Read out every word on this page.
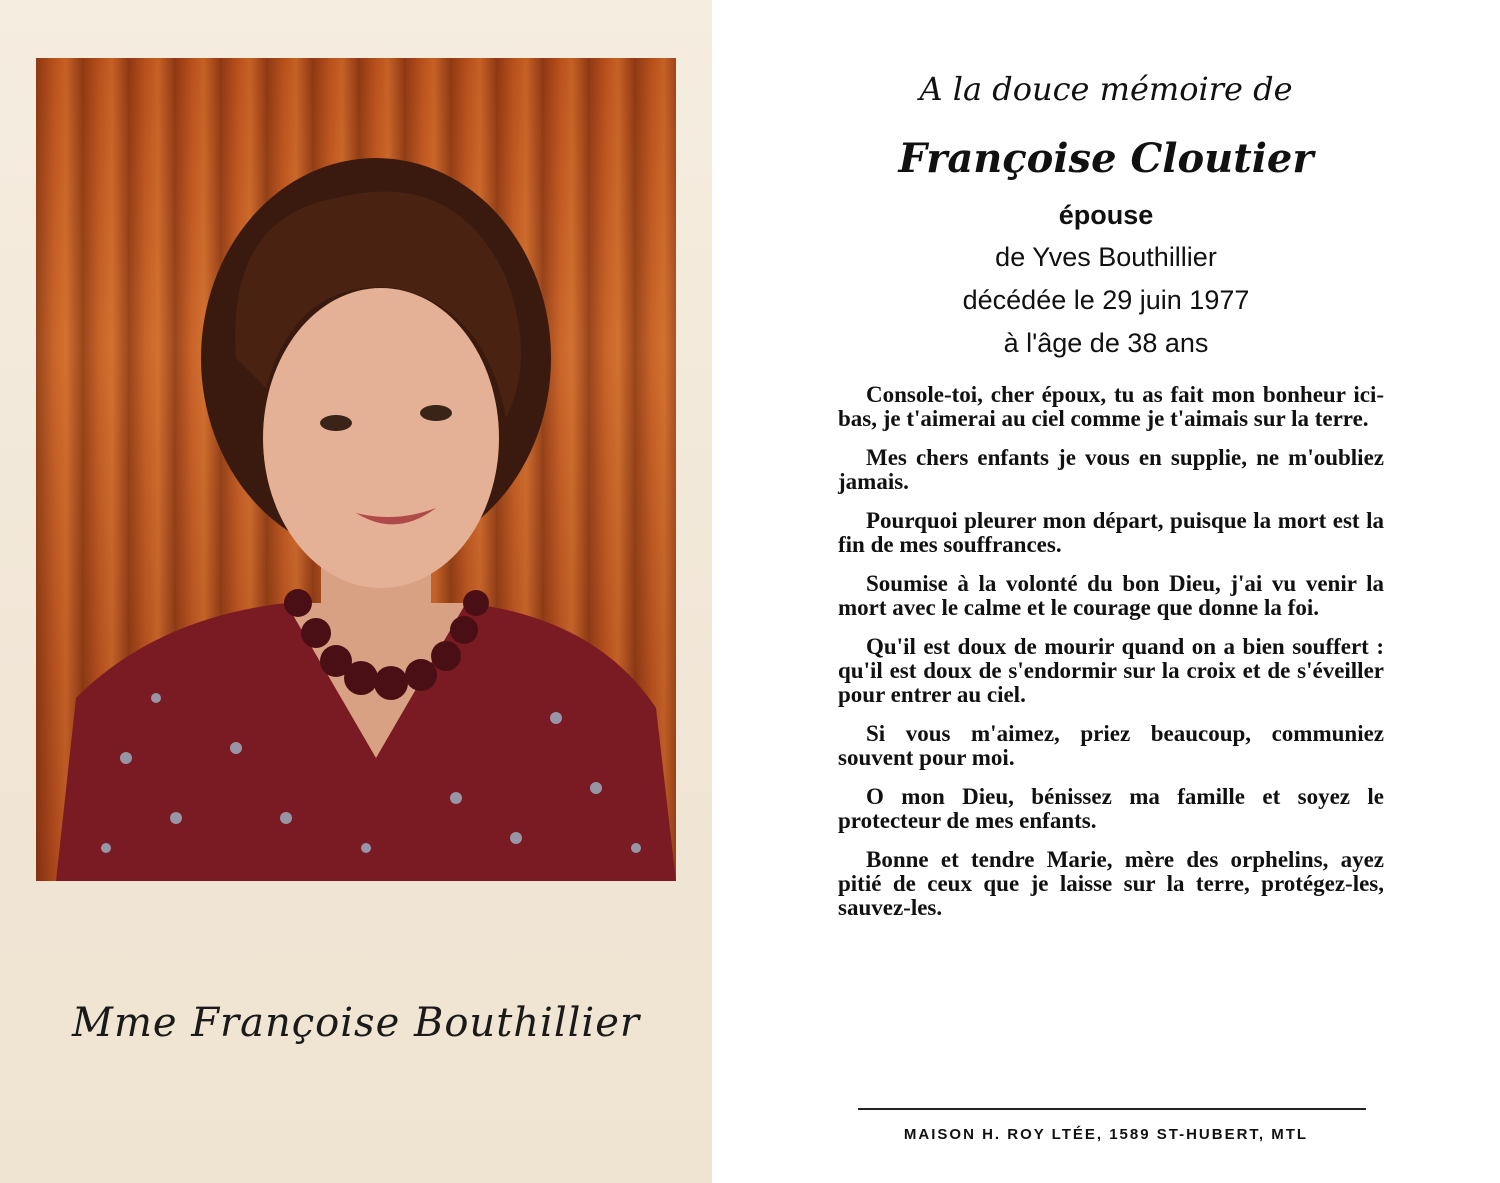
Mme Françoise Bouthillier
A la douce mémoire de
Françoise Cloutier
épouse
de Yves Bouthillier
décédée le 29 juin 1977
à l'âge de 38 ans

Console-toi, cher époux, tu as fait mon bonheur ici-bas, je t'aimerai au ciel comme je t'aimais sur la terre.

Mes chers enfants je vous en supplie, ne m'oubliez jamais.

Pourquoi pleurer mon départ, puisque la mort est la fin de mes souffrances.

Soumise à la volonté du bon Dieu, j'ai vu venir la mort avec le calme et le courage que donne la foi.

Qu'il est doux de mourir quand on a bien souffert : qu'il est doux de s'endormir sur la croix et de s'éveiller pour entrer au ciel.

Si vous m'aimez, priez beaucoup, communiez souvent pour moi.

O mon Dieu, bénissez ma famille et soyez le protecteur de mes enfants.

Bonne et tendre Marie, mère des orphelins, ayez pitié de ceux que je laisse sur la terre, protégez-les, sauvez-les.

MAISON H. ROY LTÉE, 1589 ST-HUBERT, MTL
